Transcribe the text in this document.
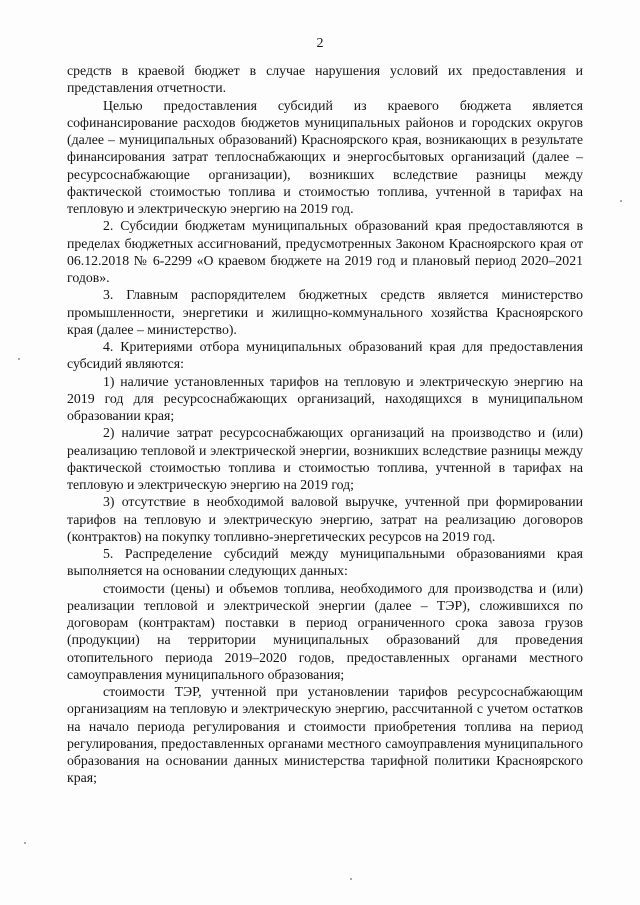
2

средств в краевой бюджет в случае нарушения условий их предоставления и представления отчетности.

Целью предоставления субсидий из краевого бюджета является софинансирование расходов бюджетов муниципальных районов и городских округов (далее – муниципальных образований) Красноярского края, возникающих в результате финансирования затрат теплоснабжающих и энергосбытовых организаций (далее – ресурсоснабжающие организации), возникших вследствие разницы между фактической стоимостью топлива и стоимостью топлива, учтенной в тарифах на тепловую и электрическую энергию на 2019 год.

2. Субсидии бюджетам муниципальных образований края предоставляются в пределах бюджетных ассигнований, предусмотренных Законом Красноярского края от 06.12.2018 № 6-2299 «О краевом бюджете на 2019 год и плановый период 2020–2021 годов».

3. Главным распорядителем бюджетных средств является министерство промышленности, энергетики и жилищно-коммунального хозяйства Красноярского края (далее – министерство).

4. Критериями отбора муниципальных образований края для предоставления субсидий являются:

1) наличие установленных тарифов на тепловую и электрическую энергию на 2019 год для ресурсоснабжающих организаций, находящихся в муниципальном образовании края;

2) наличие затрат ресурсоснабжающих организаций на производство и (или) реализацию тепловой и электрической энергии, возникших вследствие разницы между фактической стоимостью топлива и стоимостью топлива, учтенной в тарифах на тепловую и электрическую энергию на 2019 год;

3) отсутствие в необходимой валовой выручке, учтенной при формировании тарифов на тепловую и электрическую энергию, затрат на реализацию договоров (контрактов) на покупку топливно-энергетических ресурсов на 2019 год.

5. Распределение субсидий между муниципальными образованиями края выполняется на основании следующих данных:

стоимости (цены) и объемов топлива, необходимого для производства и (или) реализации тепловой и электрической энергии (далее – ТЭР), сложившихся по договорам (контрактам) поставки в период ограниченного срока завоза грузов (продукции) на территории муниципальных образований для проведения отопительного периода 2019–2020 годов, предоставленных органами местного самоуправления муниципального образования;

стоимости ТЭР, учтенной при установлении тарифов ресурсоснабжающим организациям на тепловую и электрическую энергию, рассчитанной с учетом остатков на начало периода регулирования и стоимости приобретения топлива на период регулирования, предоставленных органами местного самоуправления муниципального образования на основании данных министерства тарифной политики Красноярского края;
